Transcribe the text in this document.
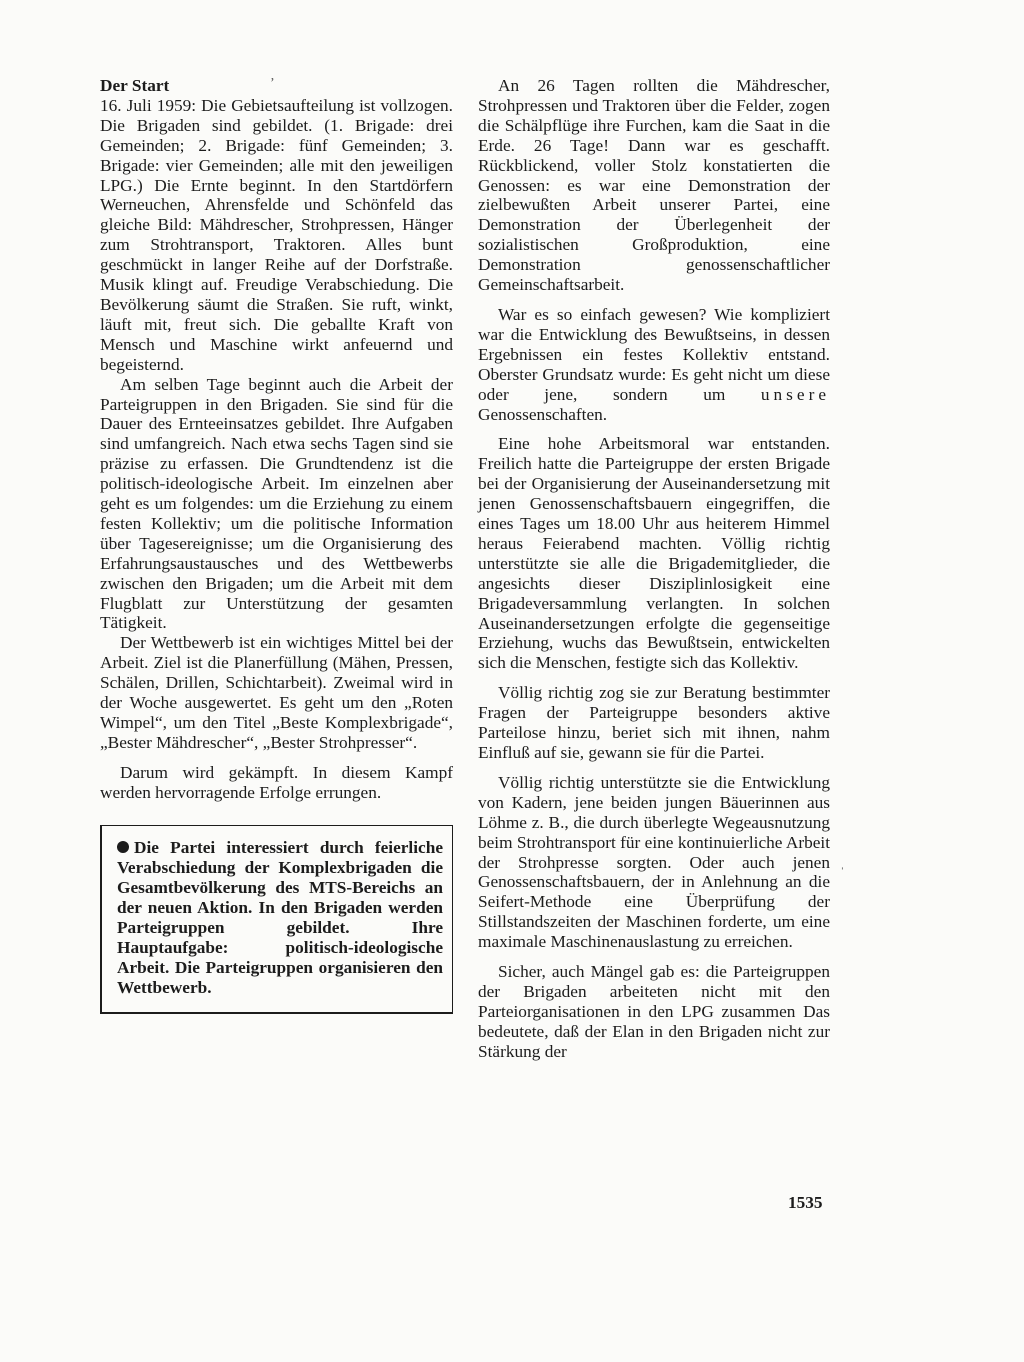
Der Start

16. Juli 1959: Die Gebietsaufteilung ist vollzogen. Die Brigaden sind gebildet. (1. Brigade: drei Gemeinden; 2. Brigade: fünf Gemeinden; 3. Brigade: vier Gemeinden; alle mit den jeweiligen LPG.) Die Ernte beginnt. In den Startdörfern Werneuchen, Ahrensfelde und Schönfeld das gleiche Bild: Mähdrescher, Strohpressen, Hänger zum Strohtransport, Traktoren. Alles bunt geschmückt in langer Reihe auf der Dorfstraße. Musik klingt auf. Freudige Verabschiedung. Die Bevölkerung säumt die Straßen. Sie ruft, winkt, läuft mit, freut sich. Die geballte Kraft von Mensch und Maschine wirkt anfeuernd und begeisternd.

Am selben Tage beginnt auch die Arbeit der Parteigruppen in den Brigaden. Sie sind für die Dauer des Ernteeinsatzes gebildet. Ihre Aufgaben sind umfangreich. Nach etwa sechs Tagen sind sie präzise zu erfassen. Die Grundtendenz ist die politisch-ideologische Arbeit. Im einzelnen aber geht es um folgendes: um die Erziehung zu einem festen Kollektiv; um die politische Information über Tagesereignisse; um die Organisierung des Erfahrungsaustausches und des Wettbewerbs zwischen den Brigaden; um die Arbeit mit dem Flugblatt zur Unterstützung der gesamten Tätigkeit.

Der Wettbewerb ist ein wichtiges Mittel bei der Arbeit. Ziel ist die Planerfüllung (Mähen, Pressen, Schälen, Drillen, Schichtarbeit). Zweimal wird in der Woche ausgewertet. Es geht um den „Roten Wimpel“, um den Titel „Beste Komplexbrigade“, „Bester Mähdrescher“, „Bester Strohpresser“.

Darum wird gekämpft. In diesem Kampf werden hervorragende Erfolge errungen.

Die Partei interessiert durch feierliche Verabschiedung der Komplexbrigaden die Gesamtbevölkerung des MTS-Bereichs an der neuen Aktion. In den Brigaden werden Parteigruppen gebildet. Ihre Hauptaufgabe: politisch-ideologische Arbeit. Die Parteigruppen organisieren den Wettbewerb.

An 26 Tagen rollten die Mähdrescher, Strohpressen und Traktoren über die Felder, zogen die Schälpflüge ihre Furchen, kam die Saat in die Erde. 26 Tage! Dann war es geschafft. Rückblickend, voller Stolz konstatierten die Genossen: es war eine Demonstration der zielbewußten Arbeit unserer Partei, eine Demonstration der Überlegenheit der sozialistischen Großproduktion, eine Demonstration genossenschaftlicher Gemeinschaftsarbeit.

War es so einfach gewesen? Wie kompliziert war die Entwicklung des Bewußtseins, in dessen Ergebnissen ein festes Kollektiv entstand. Oberster Grundsatz wurde: Es geht nicht um diese oder jene, sondern um unsere Genossenschaften.

Eine hohe Arbeitsmoral war entstanden. Freilich hatte die Parteigruppe der ersten Brigade bei der Organisierung der Auseinandersetzung mit jenen Genossenschaftsbauern eingegriffen, die eines Tages um 18.00 Uhr aus heiterem Himmel heraus Feierabend machten. Völlig richtig unterstützte sie alle die Brigademitglieder, die angesichts dieser Disziplinlosigkeit eine Brigadeversammlung verlangten. In solchen Auseinandersetzungen erfolgte die gegenseitige Erziehung, wuchs das Bewußtsein, entwickelten sich die Menschen, festigte sich das Kollektiv.

Völlig richtig zog sie zur Beratung bestimmter Fragen der Parteigruppe besonders aktive Parteilose hinzu, beriet sich mit ihnen, nahm Einfluß auf sie, gewann sie für die Partei.

Völlig richtig unterstützte sie die Entwicklung von Kadern, jene beiden jungen Bäuerinnen aus Löhme z. B., die durch überlegte Wegeausnutzung beim Strohtransport für eine kontinuierliche Arbeit der Strohpresse sorgten. Oder auch jenen Genossenschaftsbauern, der in Anlehnung an die Seifert-Methode eine Überprüfung der Stillstandszeiten der Maschinen forderte, um eine maximale Maschinenauslastung zu erreichen.

Sicher, auch Mängel gab es: die Parteigruppen der Brigaden arbeiteten nicht mit den Parteiorganisationen in den LPG zusammen Das bedeutete, daß der Elan in den Brigaden nicht zur Stärkung der

1535
ʼ
ˈ
